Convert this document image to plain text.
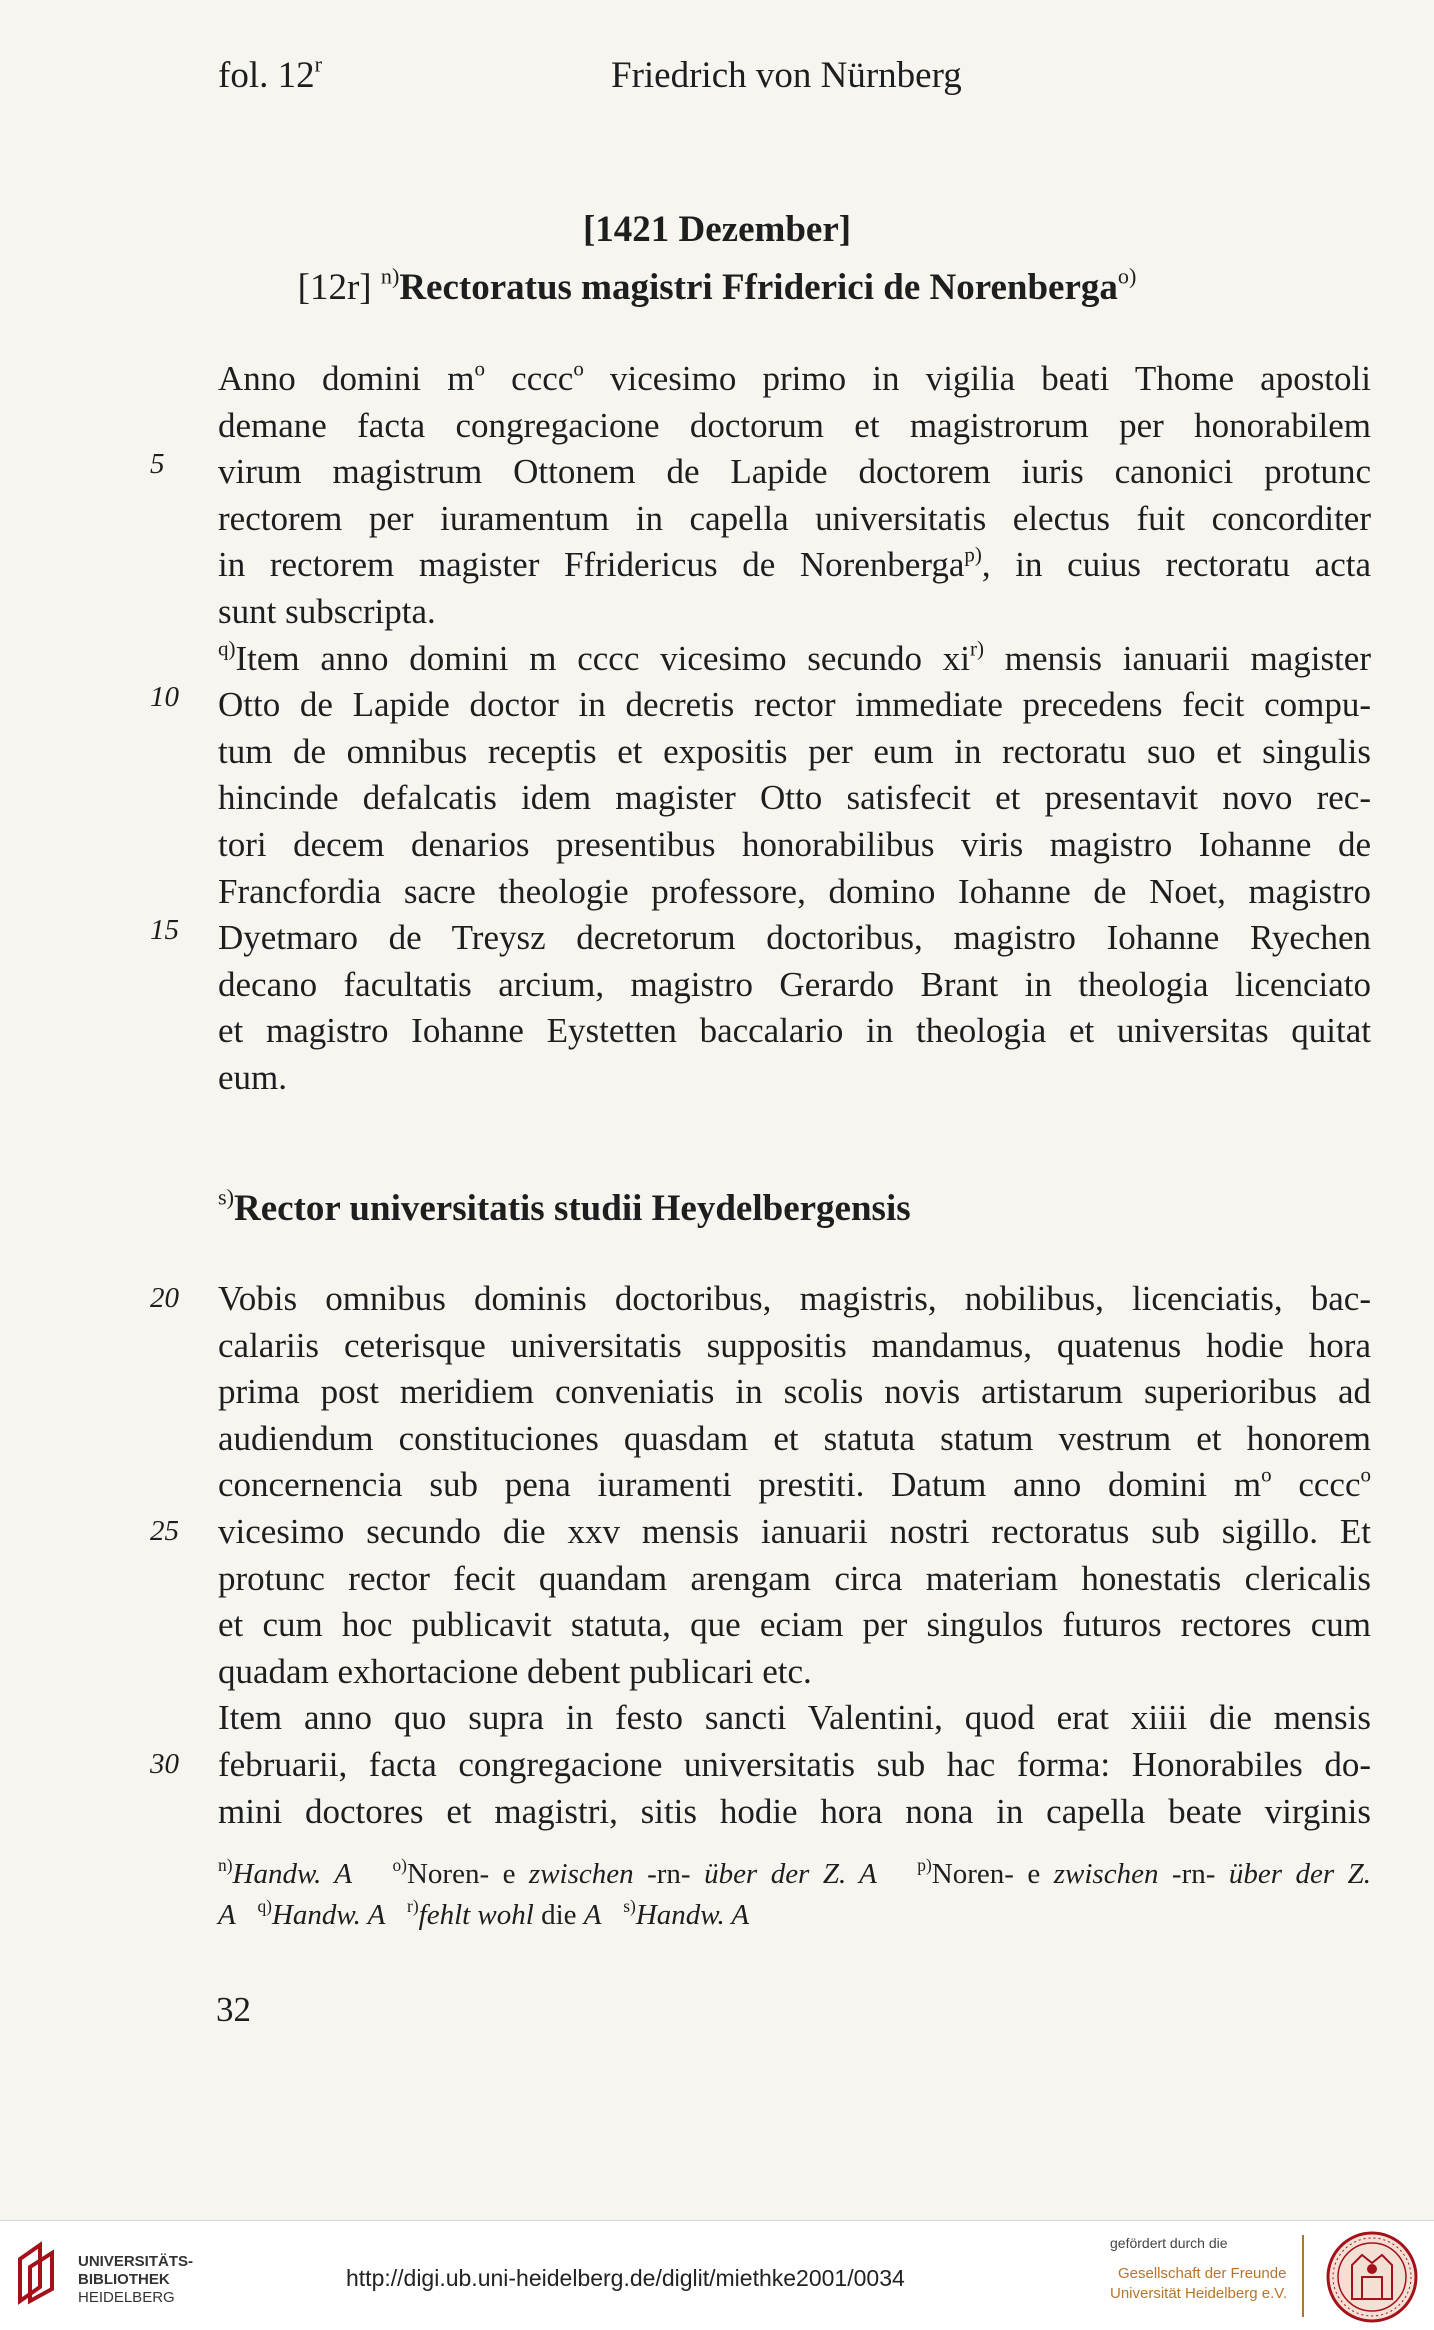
fol. 12$^r$	Friedrich von Nürnberg
[1421 Dezember]
[12r] $^{n)}$Rectoratus magistri Ffriderici de Norenberga$^{o)}$
Anno domini $m^o$ cccc$^o$ vicesimo primo in vigilia beati Thome apostoli
demane facta congregacione doctorum et magistrorum per honorabilem
virum magistrum Ottonem de Lapide doctorem iuris canonici protunc
rectorem per iuramentum in capella universitatis electus fuit concorditer
in rectorem magister Ffridericus de Norenberga$^{p)}$, in cuius rectoratu acta
sunt subscripta.
$^{q)}$Item anno domini m cccc vicesimo secundo $xi^{r)}$ mensis ianuarii magister
Otto de Lapide doctor in decretis rector immediate precedens fecit compu-
tum de omnibus receptis et expositis per eum in rectoratu suo et singulis
hincinde defalcatis idem magister Otto satisfecit et presentavit novo rec-
tori decem denarios presentibus honorabilibus viris magistro Iohanne de
Francfordia sacre theologie professore, domino Iohanne de Noet, magistro
Dyetmaro de Treysz decretorum doctoribus, magistro Iohanne Ryechen
decano facultatis arcium, magistro Gerardo Brant in theologia licenciato
et magistro Iohanne Eystetten baccalario in theologia et universitas quitat
eum.
$^{s)}$Rector universitatis studii Heydelbergensis
Vobis omnibus dominis doctoribus, magistris, nobilibus, licenciatis, bac-
calariis ceterisque universitatis suppositis mandamus, quatenus hodie hora
prima post meridiem conveniatis in scolis novis artistarum superioribus ad
audiendum constituciones quasdam et statuta statum vestrum et honorem
concernencia sub pena iuramenti prestiti. Datum anno domini $m^o$ cccc$^o$
vicesimo secundo die xxv mensis ianuarii nostri rectoratus sub sigillo. Et
protunc rector fecit quandam arengam circa materiam honestatis clericalis
et cum hoc publicavit statuta, que eciam per singulos futuros rectores cum
quadam exhortacione debent publicari etc.
Item anno quo supra in festo sancti Valentini, quod erat xiiii die mensis
februarii, facta congregacione universitatis sub hac forma: Honorabiles do-
mini doctores et magistri, sitis hodie hora nona in capella beate virginis
5
10
15
20
25
30
$^{n)}$Handw. A $^{o)}$Noren- e zwischen -rn- über der Z. A $^{p)}$Noren- e zwischen -rn- über der Z.
A $^{q)}$Handw. A $^{r)}$fehlt wohl die A $^{s)}$Handw. A
32
UNIVERSITÄTS-
BIBLIOTHEK
HEIDELBERG
http://digi.ub.uni-heidelberg.de/diglit/miethke2001/0034
gefördert durch die
Gesellschaft der Freunde
Universität Heidelberg e.V.
